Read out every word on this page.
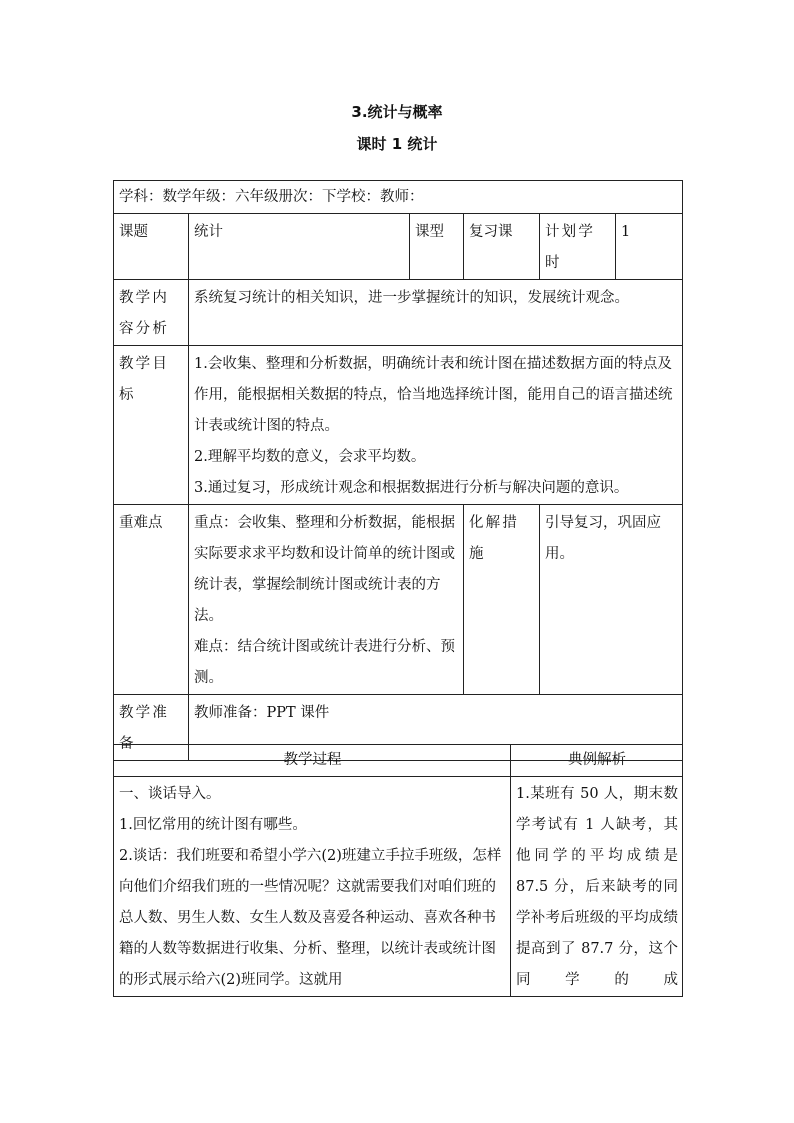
3.统计与概率
课时 1 统计
学科：数学年级：六年级册次：下学校：教师：					
课题	统计	课型	复习课	计划学时	1
教学内容分析	系统复习统计的相关知识，进一步掌握统计的知识，发展统计观念。				
教学目标	1.会收集、整理和分析数据，明确统计表和统计图在描述数据方面的特点及作用，能根据相关数据的特点，恰当地选择统计图，能用自己的语言描述统计表或统计图的特点。

2.理解平均数的意义，会求平均数。

3.通过复习，形成统计观念和根据数据进行分析与解决问题的意识。				

重难点	重点：会收集、整理和分析数据，能根据实际要求求平均数和设计简单的统计图或统计表，掌握绘制统计图或统计表的方法。

难点：结合统计图或统计表进行分析、预测。		化解措施	引导复习，巩固应用。	
教学准备	教师准备：PPT 课件				
教学过程	典例解析

一、谈话导入。

1.回忆常用的统计图有哪些。

2.谈话：我们班要和希望小学六(2)班建立手拉手班级，怎样向他们介绍我们班的一些情况呢？这就需要我们对咱们班的总人数、男生人数、女生人数及喜爱各种运动、喜欢各种书籍的人数等数据进行收集、分析、整理，以统计表或统计图的形式展示给六(2)班同学。这就用	1.某班有 50 人，期末数学考试有 1 人缺考，其他同学的平均成绩是 87.5 分，后来缺考的同学补考后班级的平均成绩提高到了 87.7 分，这个同学的成
